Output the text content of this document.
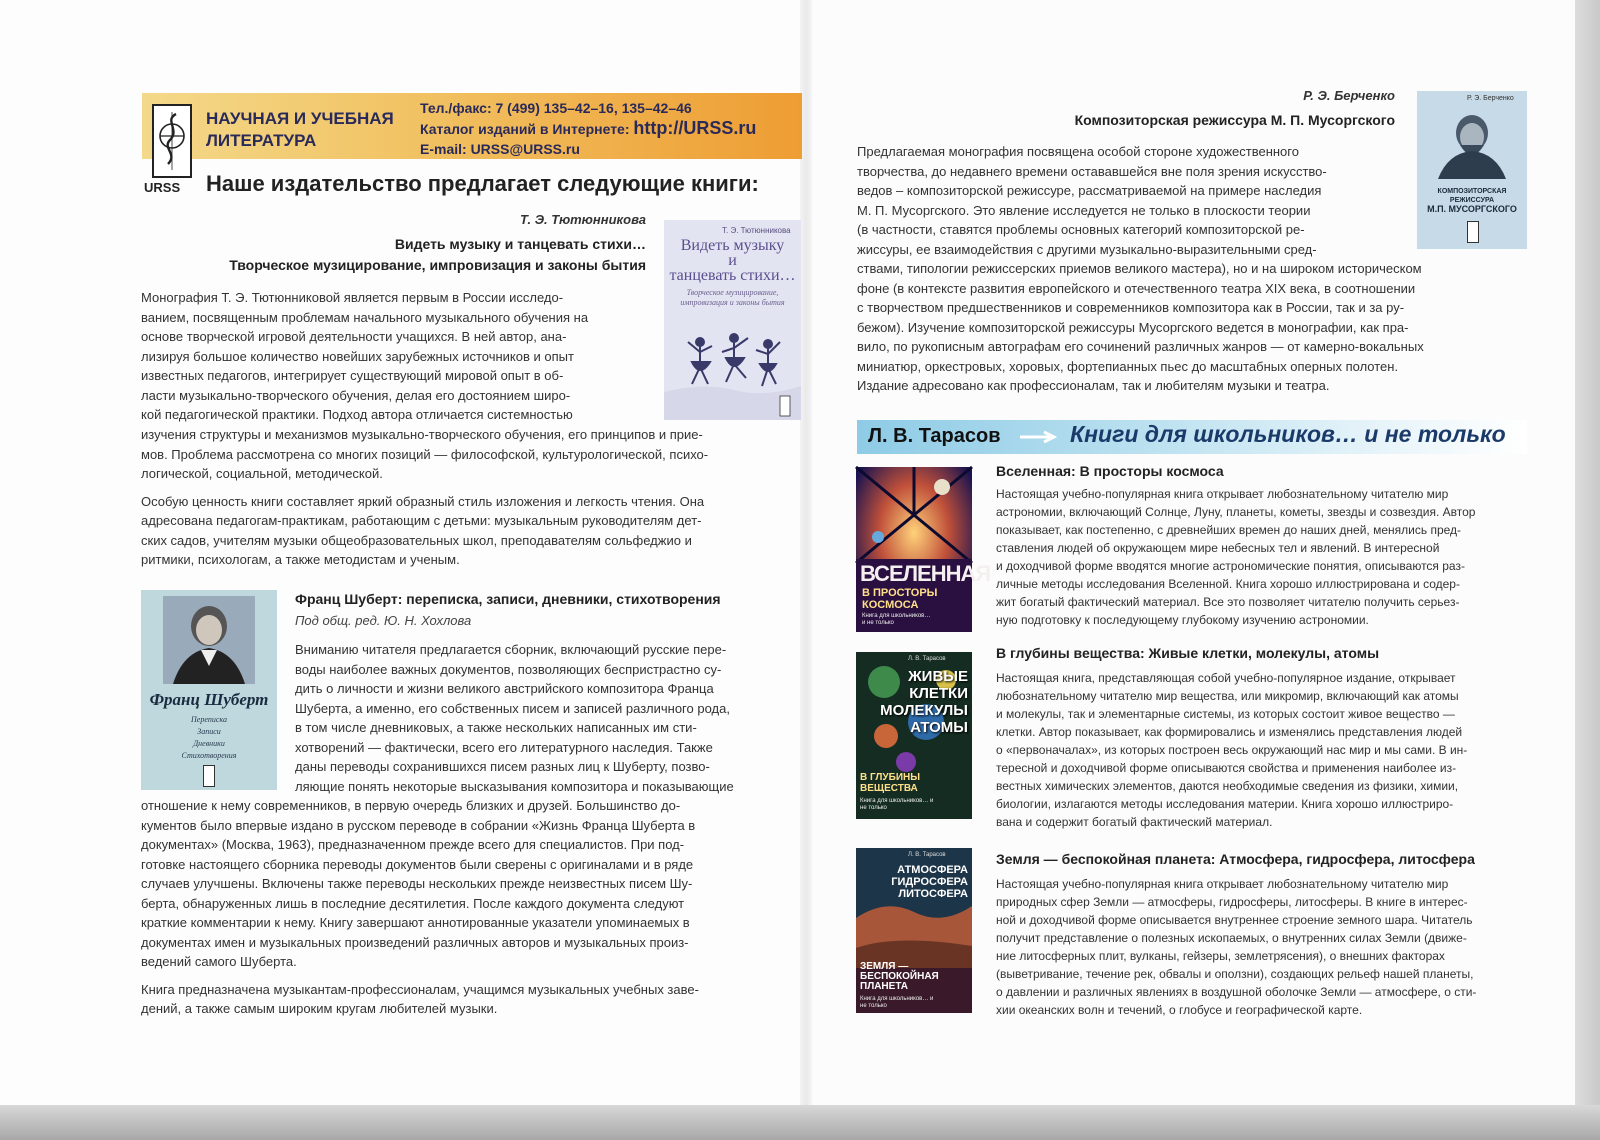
URSS
НАУЧНАЯ И УЧЕБНАЯ
ЛИТЕРАТУРА
Тел./факс: 7 (499) 135–42–16, 135–42–46
Каталог изданий в Интернете: http://URSS.ru
E-mail: URSS@URSS.ru
Наше издательство предлагает следующие книги:
Т. Э. Тютюнникова
Видеть музыку и танцевать стихи…
Творческое музицирование, импровизация и законы бытия
Т. Э. Тютюнникова
Видеть музыку
и
танцевать стихи…
Творческое музицирование, импровизация и законы бытия

Монография Т. Э. Тютюнниковой является первым в России исследо-

ванием, посвященным проблемам начального музыкального обучения на

основе творческой игровой деятельности учащихся. В ней автор, ана-

лизируя большое количество новейших зарубежных источников и опыт

известных педагогов, интегрирует существующий мировой опыт в об-

ласти музыкально-творческого обучения, делая его достоянием широ-

кой педагогической практики. Подход автора отличается системностью

изучения структуры и механизмов музыкально-творческого обучения, его принципов и прие-

мов. Проблема рассмотрена со многих позиций — философской, культурологической, психо-

логической, социальной, методической.

Особую ценность книги составляет яркий образный стиль изложения и легкость чтения. Она

адресована педагогам-практикам, работающим с детьми: музыкальным руководителям дет-

ских садов, учителям музыки общеобразовательных школ, преподавателям сольфеджио и

ритмики, психологам, а также методистам и ученым.

Франц Шуберт
Переписка
Записи
Дневники
Стихотворения
Франц Шуберт: переписка, записи, дневники, стихотворения
Под общ. ред. Ю. Н. Хохлова

Вниманию читателя предлагается сборник, включающий русские пере-

воды наиболее важных документов, позволяющих беспристрастно су-

дить о личности и жизни великого австрийского композитора Франца

Шуберта, а именно, его собственных писем и записей различного рода,

в том числе дневниковых, а также нескольких написанных им сти-

хотворений — фактически, всего его литературного наследия. Также

даны переводы сохранившихся писем разных лиц к Шуберту, позво-

ляющие понять некоторые высказывания композитора и показывающие

отношение к нему современников, в первую очередь близких и друзей. Большинство до-

кументов было впервые издано в русском переводе в собрании «Жизнь Франца Шуберта в

документах» (Москва, 1963), предназначенном прежде всего для специалистов. При под-

готовке настоящего сборника переводы документов были сверены с оригиналами и в ряде

случаев улучшены. Включены также переводы нескольких прежде неизвестных писем Шу-

берта, обнаруженных лишь в последние десятилетия. После каждого документа следуют

краткие комментарии к нему. Книгу завершают аннотированные указатели упоминаемых в

документах имен и музыкальных произведений различных авторов и музыкальных произ-

ведений самого Шуберта.

Книга предназначена музыкантам-профессионалам, учащимся музыкальных учебных заве-

дений, а также самым широким кругам любителей музыки.

Р. Э. Берченко
Композиторская режиссура М. П. Мусоргского
Р. Э. Берченко
КОМПОЗИТОРСКАЯ
РЕЖИССУРА
М.П. МУСОРГСКОГО

Предлагаемая монография посвящена особой стороне художественного

творчества, до недавнего времени остававшейся вне поля зрения искусство-

ведов – композиторской режиссуре, рассматриваемой на примере наследия

М. П. Мусоргского. Это явление исследуется не только в плоскости теории

(в частности, ставятся проблемы основных категорий композиторской ре-

жиссуры, ее взаимодействия с другими музыкально-выразительными сред-

ствами, типологии режиссерских приемов великого мастера), но и на широком историческом

фоне (в контексте развития европейского и отечественного театра XIX века, в соотношении

с творчеством предшественников и современников композитора как в России, так и за ру-

бежом). Изучение композиторской режиссуры Мусоргского ведется в монографии, как пра-

вило, по рукописным автографам его сочинений различных жанров — от камерно-вокальных

миниатюр, оркестровых, хоровых, фортепианных пьес до масштабных оперных полотен.

Издание адресовано как профессионалам, так и любителям музыки и театра.

Л. В. Тарасов	Книги для школьников… и не только
ВСЕЛЕННАЯ
В ПРОСТОРЫ
КОСМОСА
Книга для школьников… и не только
Вселенная: В просторы космоса

Настоящая учебно-популярная книга открывает любознательному читателю мир

астрономии, включающий Солнце, Луну, планеты, кометы, звезды и созвездия. Автор

показывает, как постепенно, с древнейших времен до наших дней, менялись пред-

ставления людей об окружающем мире небесных тел и явлений. В интересной

и доходчивой форме вводятся многие астрономические понятия, описываются раз-

личные методы исследования Вселенной. Книга хорошо иллюстрирована и содер-

жит богатый фактический материал. Все это позволяет читателю получить серьез-

ную подготовку к последующему глубокому изучению астрономии.

Л. В. Тарасов
ЖИВЫЕ
КЛЕТКИ
МОЛЕКУЛЫ
АТОМЫ
В ГЛУБИНЫ
ВЕЩЕСТВА
Книга для школьников… и не только
В глубины вещества: Живые клетки, молекулы, атомы

Настоящая книга, представляющая собой учебно-популярное издание, открывает

любознательному читателю мир вещества, или микромир, включающий как атомы

и молекулы, так и элементарные системы, из которых состоит живое вещество —

клетки. Автор показывает, как формировались и изменялись представления людей

о «первоначалах», из которых построен весь окружающий нас мир и мы сами. В ин-

тересной и доходчивой форме описываются свойства и применения наиболее из-

вестных химических элементов, даются необходимые сведения из физики, химии,

биологии, излагаются методы исследования материи. Книга хорошо иллюстриро-

вана и содержит богатый фактический материал.

Л. В. Тарасов
АТМОСФЕРА
ГИДРОСФЕРА
ЛИТОСФЕРА
ЗЕМЛЯ —
БЕСПОКОЙНАЯ
ПЛАНЕТА
Книга для школьников… и не только
Земля — беспокойная планета: Атмосфера, гидросфера, литосфера

Настоящая учебно-популярная книга открывает любознательному читателю мир

природных сфер Земли — атмосферы, гидросферы, литосферы. В книге в интерес-

ной и доходчивой форме описывается внутреннее строение земного шара. Читатель

получит представление о полезных ископаемых, о внутренних силах Земли (движе-

ние литосферных плит, вулканы, гейзеры, землетрясения), о внешних факторах

(выветривание, течение рек, обвалы и оползни), создающих рельеф нашей планеты,

о давлении и различных явлениях в воздушной оболочке Земли — атмосфере, о сти-

хии океанских волн и течений, о глобусе и географической карте.
